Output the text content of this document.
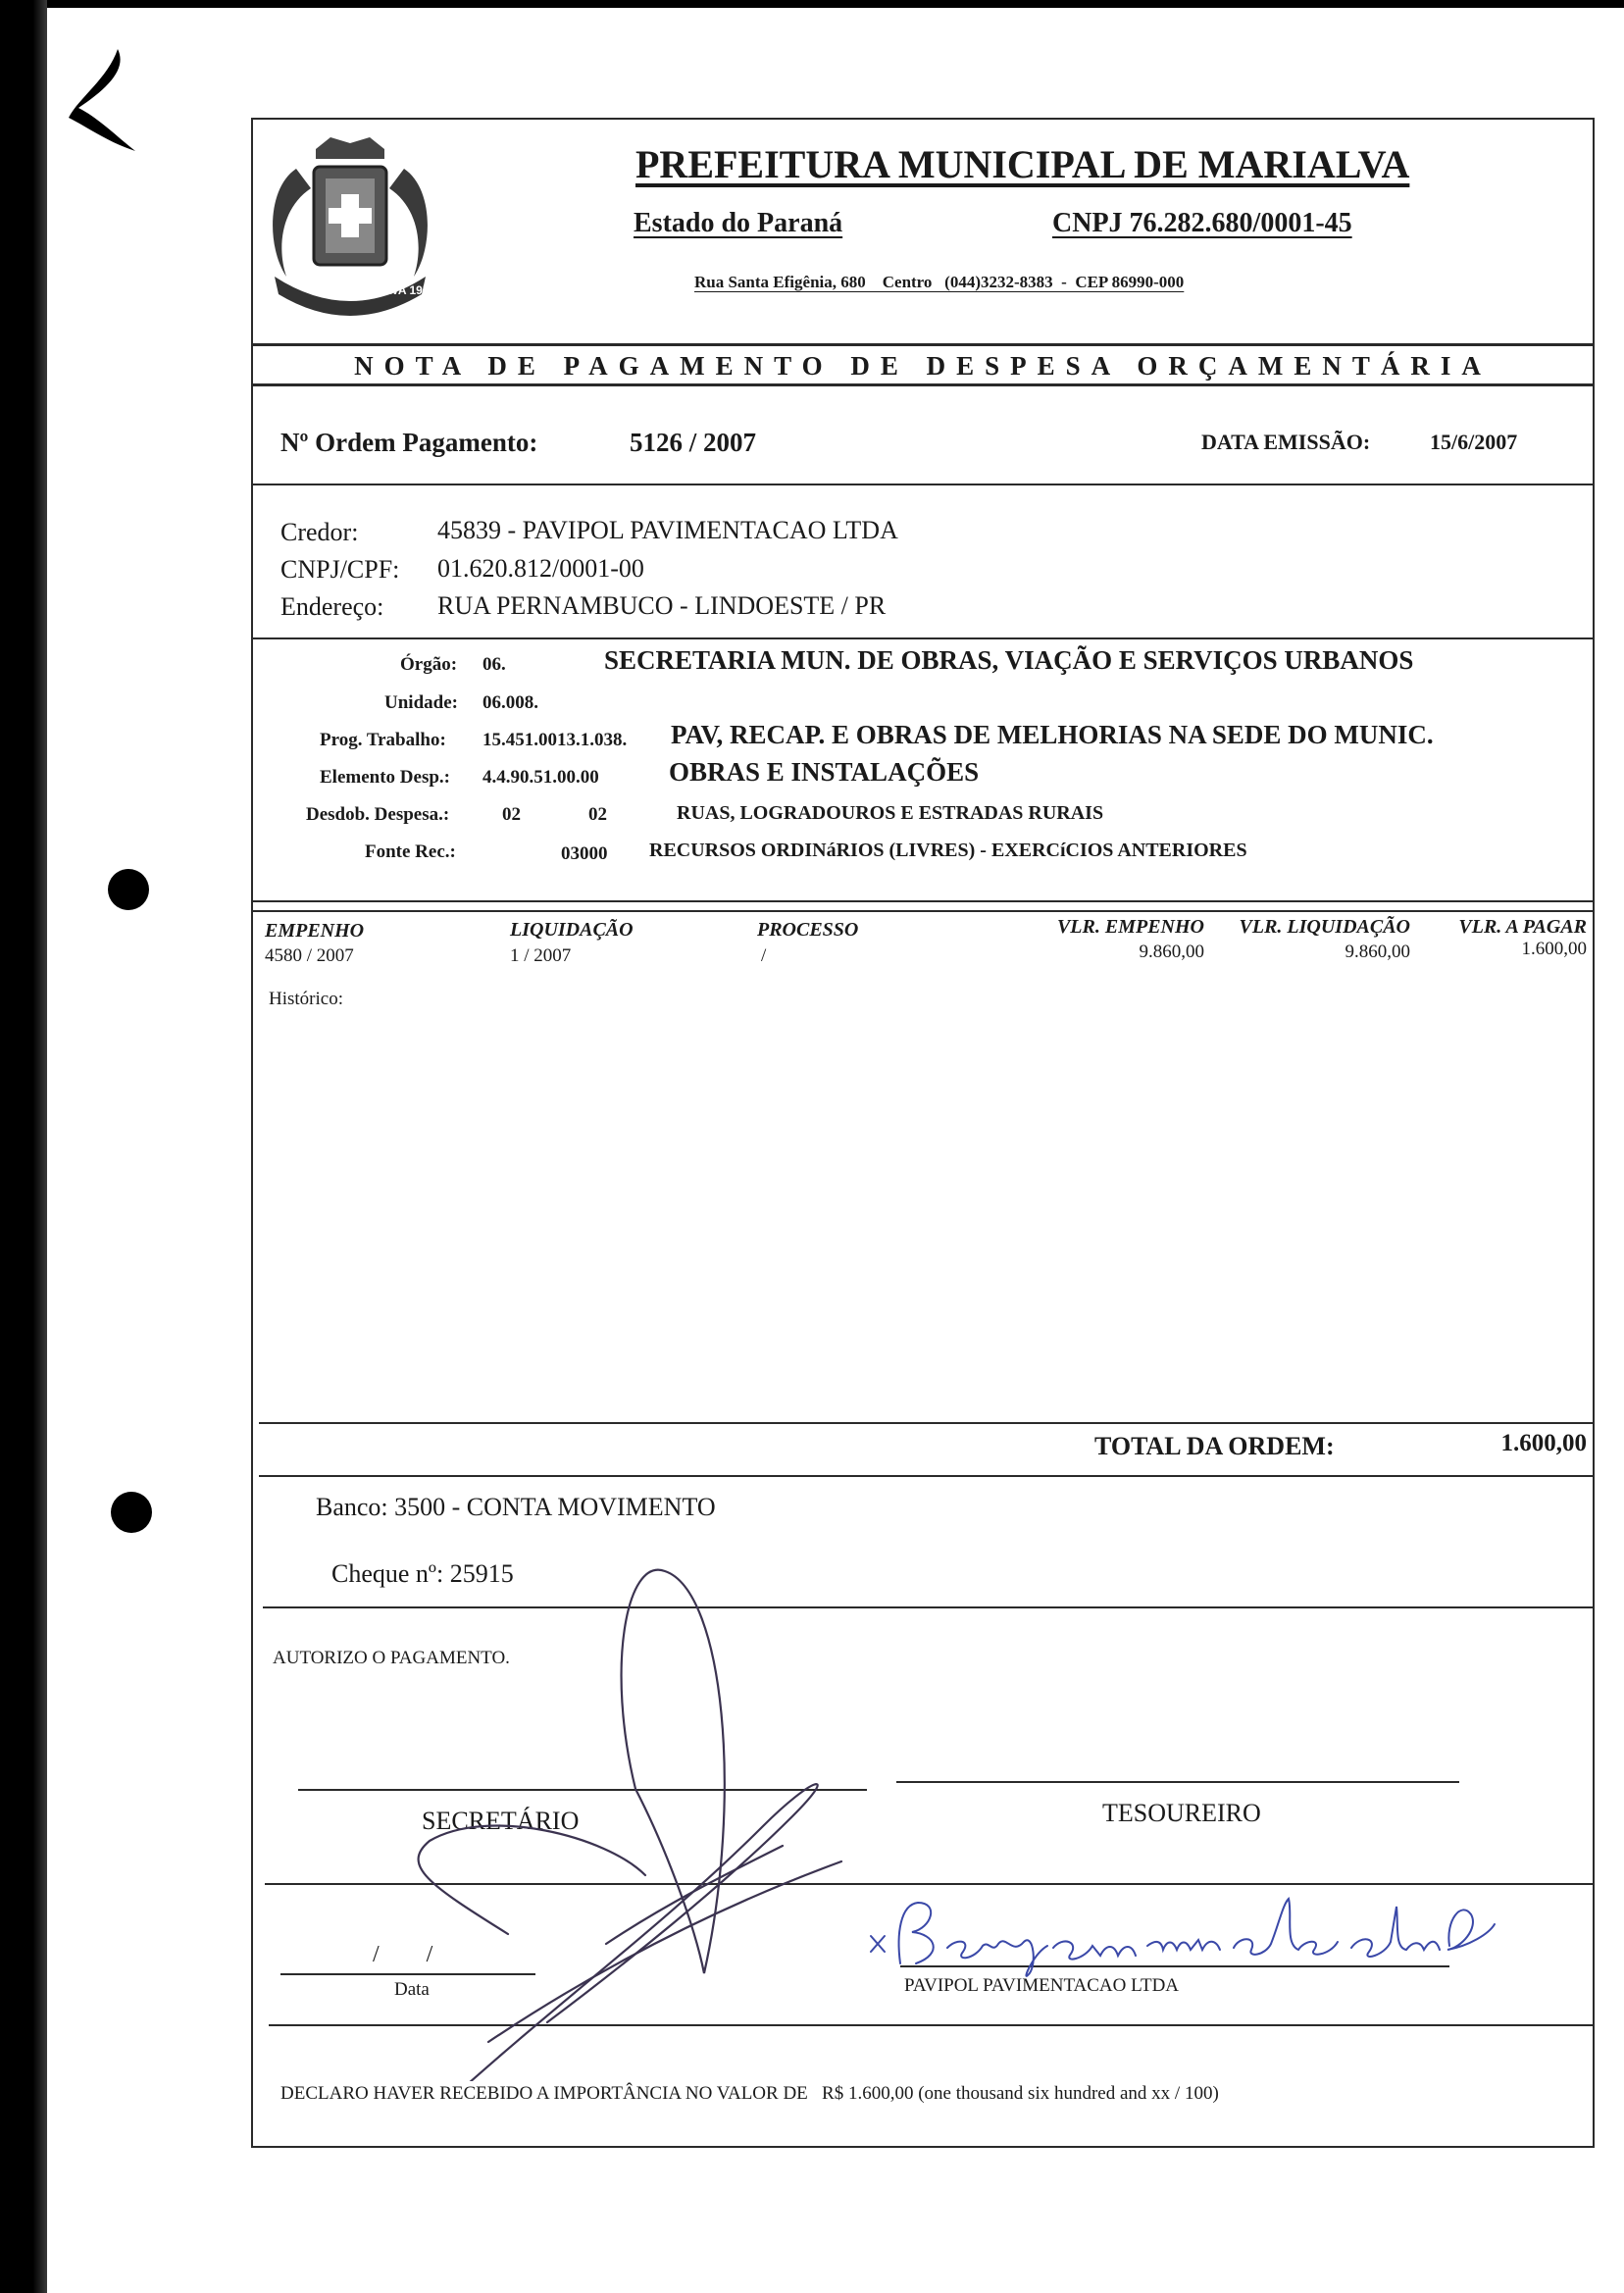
1951 MARIALVA 1953
PREFEITURA MUNICIPAL DE MARIALVA
Estado do Paraná	CNPJ 76.282.680/0001-45
Rua Santa Efigênia, 680    Centro   (044)3232-8383  -  CEP 86990-000
NOTA DE PAGAMENTO DE DESPESA ORÇAMENTÁRIA
Nº Ordem Pagamento:	5126 / 2007	DATA EMISSÃO:	15/6/2007
Credor:	45839 - PAVIPOL PAVIMENTACAO LTDA
CNPJ/CPF: 01.620.812/0001-00
Endereço: RUA PERNAMBUCO - LINDOESTE / PR
Órgão: 06.	SECRETARIA MUN. DE OBRAS, VIAÇÃO E SERVIÇOS URBANOS
Unidade: 06.008.
Prog. Trabalho: 15.451.0013.1.038. PAV, RECAP. E OBRAS DE MELHORIAS NA SEDE DO MUNIC.
Elemento Desp.: 4.4.90.51.00.00	OBRAS E INSTALAÇÕES
Desdob. Despesa.:	02	02	RUAS, LOGRADOUROS E ESTRADAS RURAIS
Fonte Rec.:	03000 RECURSOS ORDINáRIOS (LIVRES) - EXERCíCIOS ANTERIORES
EMPENHO	LIQUIDAÇÃO	PROCESSO	VLR. EMPENHO	VLR. LIQUIDAÇÃO	VLR. A PAGAR
4580 / 2007	1 / 2007	/	9.860,00	9.860,00	1.600,00
Histórico:
TOTAL DA ORDEM:	1.600,00
Banco: 3500 - CONTA MOVIMENTO
Cheque nº: 25915
AUTORIZO O PAGAMENTO.
SECRETÁRIO	TESOUREIRO
/        /
Data	PAVIPOL PAVIMENTACAO LTDA
DECLARO HAVER RECEBIDO A IMPORTÂNCIA NO VALOR DE   R$ 1.600,00 (one thousand six hundred and xx / 100)
